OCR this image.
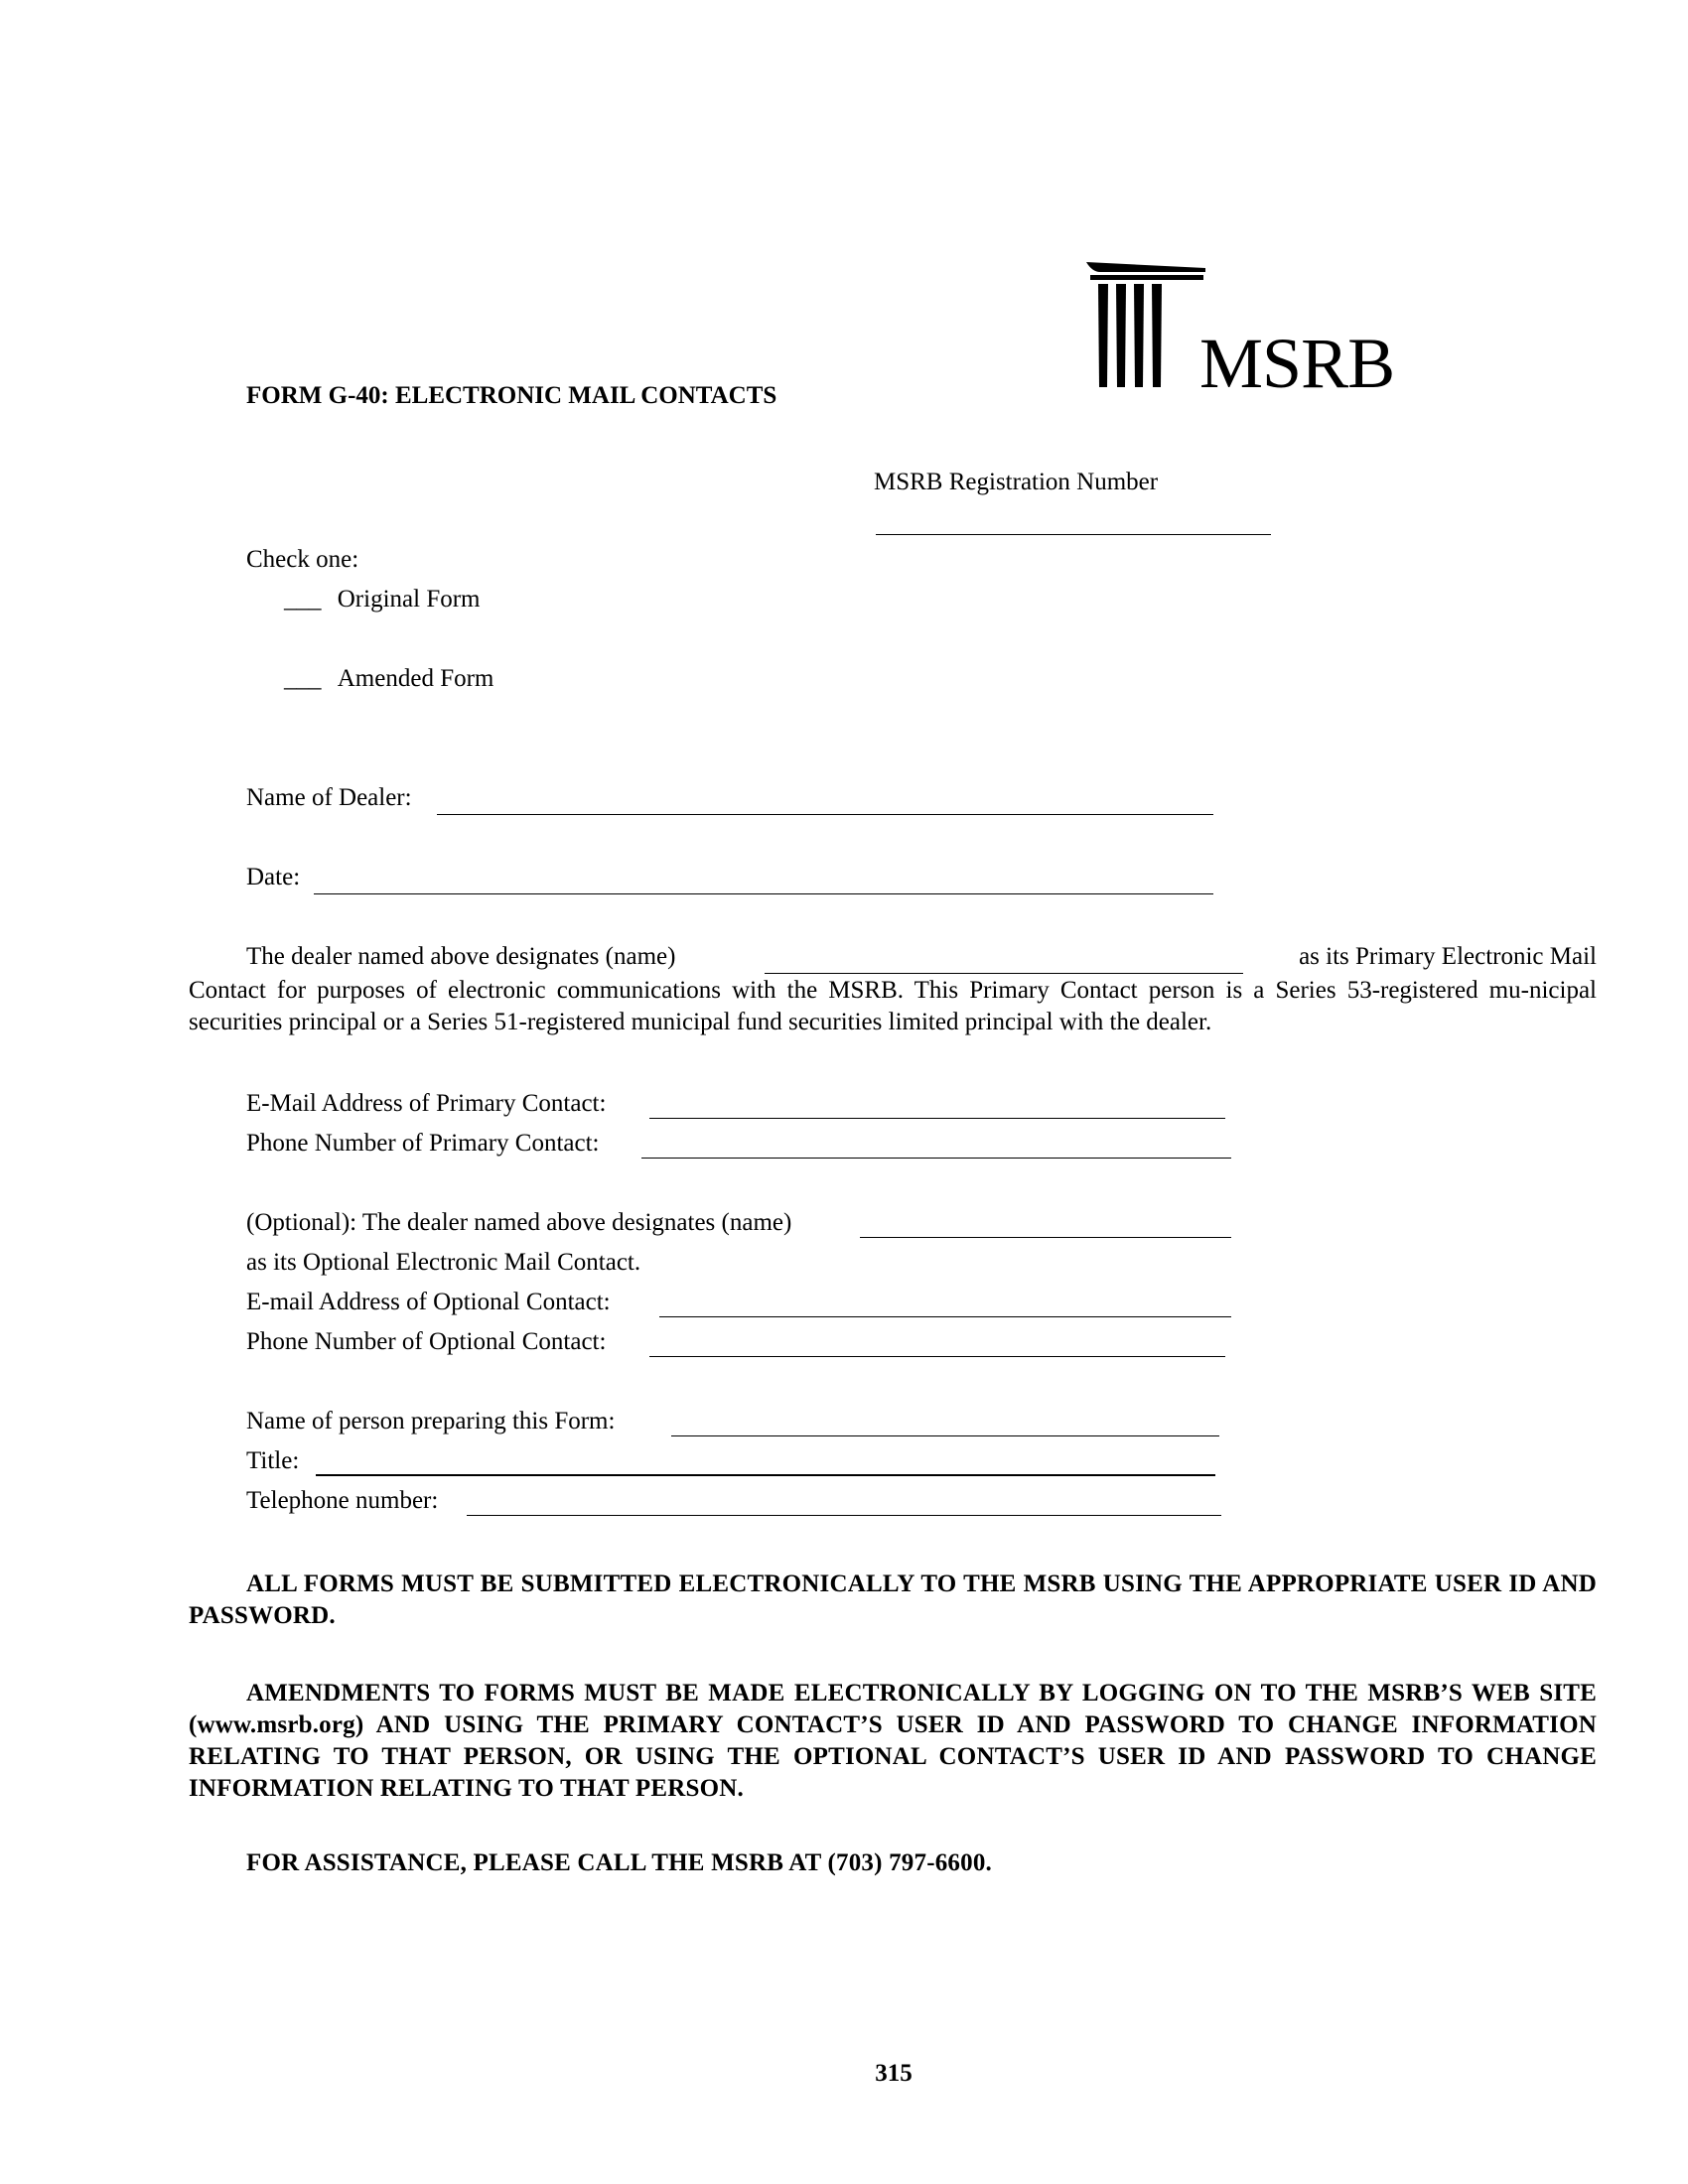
MSRB
FORM G-40: ELECTRONIC MAIL CONTACTS
MSRB Registration Number
Check one:
___ Original Form
___ Amended Form
Name of Dealer:
Date:
The dealer named above designates (name)	as its Primary Electronic Mail
Contact for purposes of electronic communications with the MSRB. This Primary Contact person is a Series 53-registered mu-nicipal securities principal or a Series 51-registered municipal fund securities limited principal with the dealer.
E-Mail Address of Primary Contact:
Phone Number of Primary Contact:
(Optional): The dealer named above designates (name)
as its Optional Electronic Mail Contact.
E-mail Address of Optional Contact:
Phone Number of Optional Contact:
Name of person preparing this Form:
Title:
Telephone number:
ALL FORMS MUST BE SUBMITTED ELECTRONICALLY TO THE MSRB USING THE APPROPRIATE USER ID AND PASSWORD.
AMENDMENTS TO FORMS MUST BE MADE ELECTRONICALLY BY LOGGING ON TO THE MSRB’S WEB SITE (www.msrb.org) AND USING THE PRIMARY CONTACT’S USER ID AND PASSWORD TO CHANGE INFORMATION RELATING TO THAT PERSON, OR USING THE OPTIONAL CONTACT’S USER ID AND PASSWORD TO CHANGE INFORMATION RELATING TO THAT PERSON.
FOR ASSISTANCE, PLEASE CALL THE MSRB AT (703) 797-6600.
315
